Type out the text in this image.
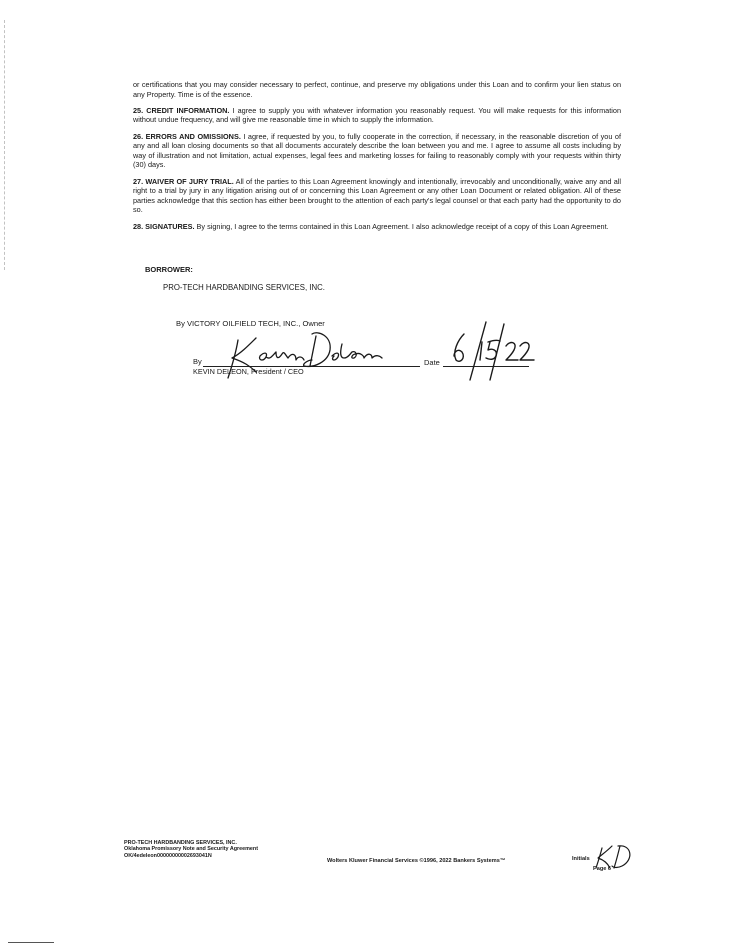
or certifications that you may consider necessary to perfect, continue, and preserve my obligations under this Loan and to confirm your lien status on any Property. Time is of the essence.

25. CREDIT INFORMATION. I agree to supply you with whatever information you reasonably request. You will make requests for this information without undue frequency, and will give me reasonable time in which to supply the information.

26. ERRORS AND OMISSIONS. I agree, if requested by you, to fully cooperate in the correction, if necessary, in the reasonable discretion of you of any and all loan closing documents so that all documents accurately describe the loan between you and me. I agree to assume all costs including by way of illustration and not limitation, actual expenses, legal fees and marketing losses for failing to reasonably comply with your requests within thirty (30) days.

27. WAIVER OF JURY TRIAL. All of the parties to this Loan Agreement knowingly and intentionally, irrevocably and unconditionally, waive any and all right to a trial by jury in any litigation arising out of or concerning this Loan Agreement or any other Loan Document or related obligation. All of these parties acknowledge that this section has either been brought to the attention of each party's legal counsel or that each party had the opportunity to do so.

28. SIGNATURES. By signing, I agree to the terms contained in this Loan Agreement. I also acknowledge receipt of a copy of this Loan Agreement.

BORROWER:
PRO-TECH HARDBANDING SERVICES, INC.
By VICTORY OILFIELD TECH, INC., Owner
By
KEVIN DELEON, President / CEO
Date
PRO-TECH HARDBANDING SERVICES, INC.
Oklahoma Promissory Note and Security Agreement
OK/4edeleon00000000002693041N
Wolters Kluwer Financial Services ©1996, 2022 Bankers Systems™	Initials
Page 6
